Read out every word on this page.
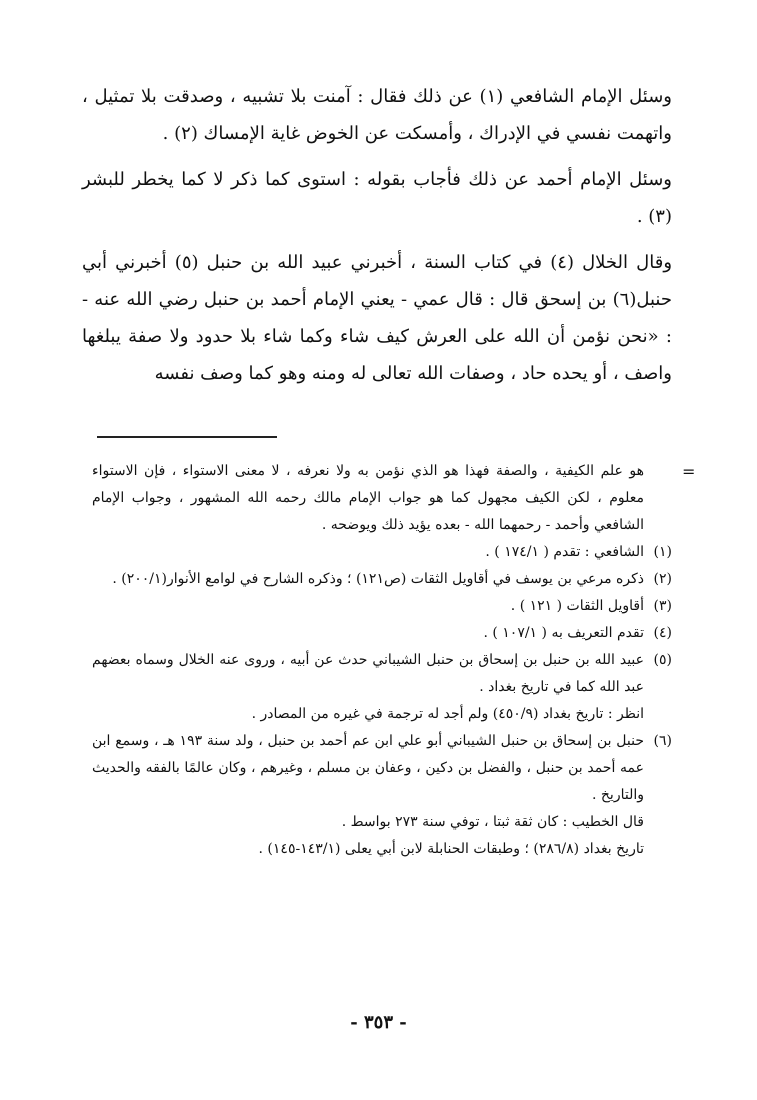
وسئل الإمام الشافعي (١) عن ذلك فقال : آمنت بلا تشبيه ، وصدقت بلا تمثيل ، واتهمت نفسي في الإدراك ، وأمسكت عن الخوض غاية الإمساك (٢) .

وسئل الإمام أحمد عن ذلك فأجاب بقوله : استوى كما ذكر لا كما يخطر للبشر (٣) .

وقال الخلال (٤) في كتاب السنة ، أخبرني عبيد الله بن حنبل (٥) أخبرني أبي حنبل(٦) بن إسحق قال : قال عمي - يعني الإمام أحمد بن حنبل رضي الله عنه - : «نحن نؤمن أن الله على العرش كيف شاء وكما شاء بلا حدود ولا صفة يبلغها واصف ، أو يحده حاد ، وصفات الله تعالى له ومنه وهو كما وصف نفسه

=
هو علم الكيفية ، والصفة فهذا هو الذي نؤمن به ولا نعرفه ، لا معنى الاستواء ، فإن الاستواء معلوم ، لكن الكيف مجهول كما هو جواب الإمام مالك رحمه الله المشهور ، وجواب الإمام الشافعي وأحمد - رحمهما الله - بعده يؤيد ذلك ويوضحه .
(١)
الشافعي : تقدم ( ١٧٤/١ ) .
(٢)
ذكره مرعي بن يوسف في أقاويل الثقات (ص١٢١) ؛ وذكره الشارح في لوامع الأنوار(٢٠٠/١) .
(٣)
أقاويل الثقات ( ١٢١ ) .
(٤)
تقدم التعريف به ( ١٠٧/١ ) .
(٥)
عبيد الله بن حنبل بن إسحاق بن حنبل الشيباني حدث عن أبيه ، وروى عنه الخلال وسماه بعضهم عبد الله كما في تاريخ بغداد .
انظر : تاريخ بغداد (٤٥٠/٩) ولم أجد له ترجمة في غيره من المصادر .
(٦)
حنبل بن إسحاق بن حنبل الشيباني أبو علي ابن عم أحمد بن حنبل ، ولد سنة ١٩٣ هـ ، وسمع ابن عمه أحمد بن حنبل ، والفضل بن دكين ، وعفان بن مسلم ، وغيرهم ، وكان عالمًا بالفقه والحديث والتاريخ .
قال الخطيب : كان ثقة ثبتا ، توفي سنة ٢٧٣ بواسط .
تاريخ بغداد (٢٨٦/٨) ؛ وطبقات الحنابلة لابن أبي يعلى (١٤٣/١-١٤٥) .
- ٣٥٣ -
